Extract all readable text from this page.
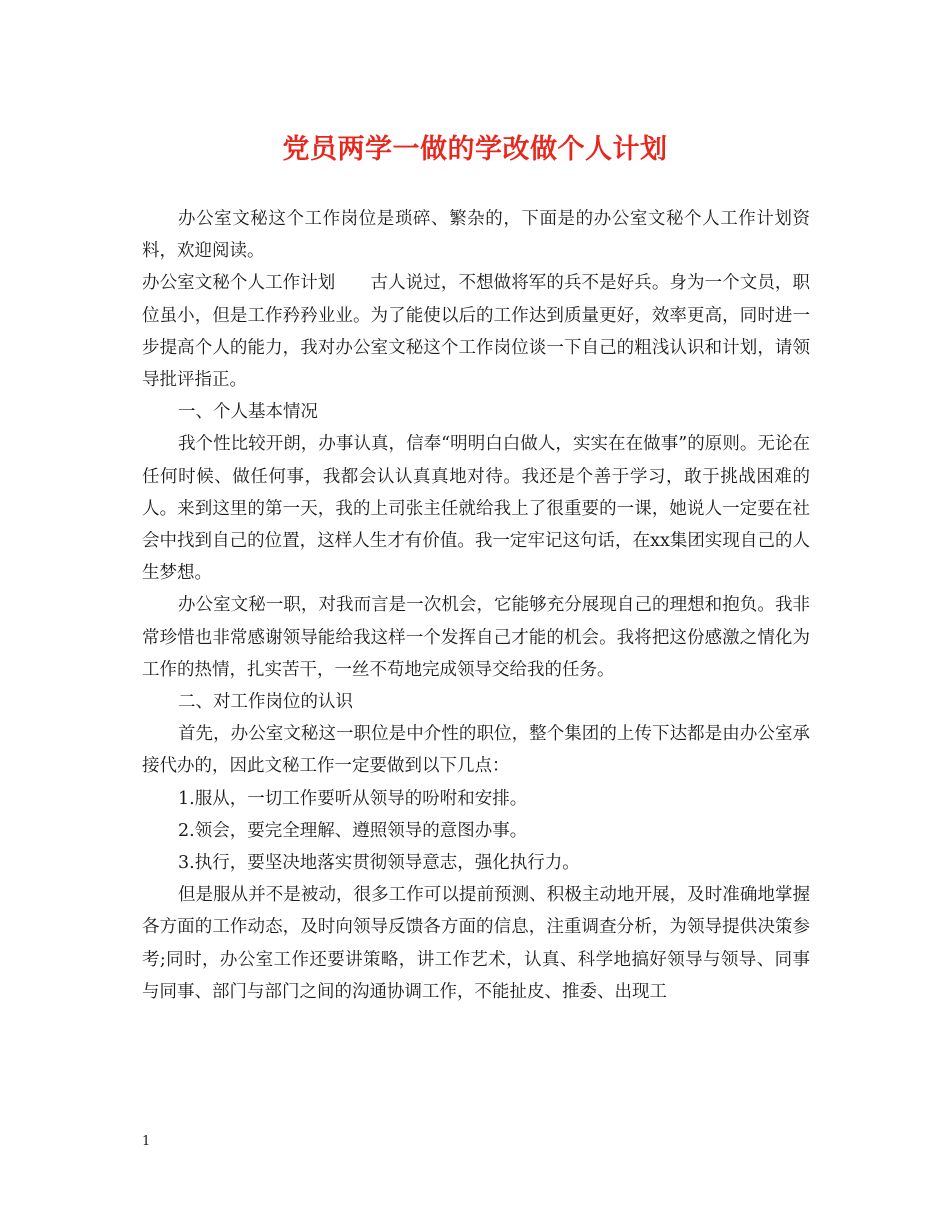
党员两学一做的学改做个人计划

办公室文秘这个工作岗位是琐碎、繁杂的，下面是的办公室文秘个人工作计划资料，欢迎阅读。

办公室文秘个人工作计划　　古人说过，不想做将军的兵不是好兵。身为一个文员，职位虽小，但是工作矜矜业业。为了能使以后的工作达到质量更好，效率更高，同时进一步提高个人的能力，我对办公室文秘这个工作岗位谈一下自己的粗浅认识和计划，请领导批评指正。

一、个人基本情况

我个性比较开朗，办事认真，信奉“明明白白做人，实实在在做事”的原则。无论在任何时候、做任何事，我都会认认真真地对待。我还是个善于学习，敢于挑战困难的人。来到这里的第一天，我的上司张主任就给我上了很重要的一课，她说人一定要在社会中找到自己的位置，这样人生才有价值。我一定牢记这句话，在xx集团实现自己的人生梦想。

办公室文秘一职，对我而言是一次机会，它能够充分展现自己的理想和抱负。我非常珍惜也非常感谢领导能给我这样一个发挥自己才能的机会。我将把这份感激之情化为工作的热情，扎实苦干，一丝不苟地完成领导交给我的任务。

二、对工作岗位的认识

首先，办公室文秘这一职位是中介性的职位，整个集团的上传下达都是由办公室承接代办的，因此文秘工作一定要做到以下几点：

1.服从，一切工作要听从领导的吩咐和安排。

2.领会，要完全理解、遵照领导的意图办事。

3.执行，要坚决地落实贯彻领导意志，强化执行力。

但是服从并不是被动，很多工作可以提前预测、积极主动地开展，及时准确地掌握各方面的工作动态，及时向领导反馈各方面的信息，注重调查分析，为领导提供决策参考;同时，办公室工作还要讲策略，讲工作艺术，认真、科学地搞好领导与领导、同事与同事、部门与部门之间的沟通协调工作，不能扯皮、推委、出现工

1
